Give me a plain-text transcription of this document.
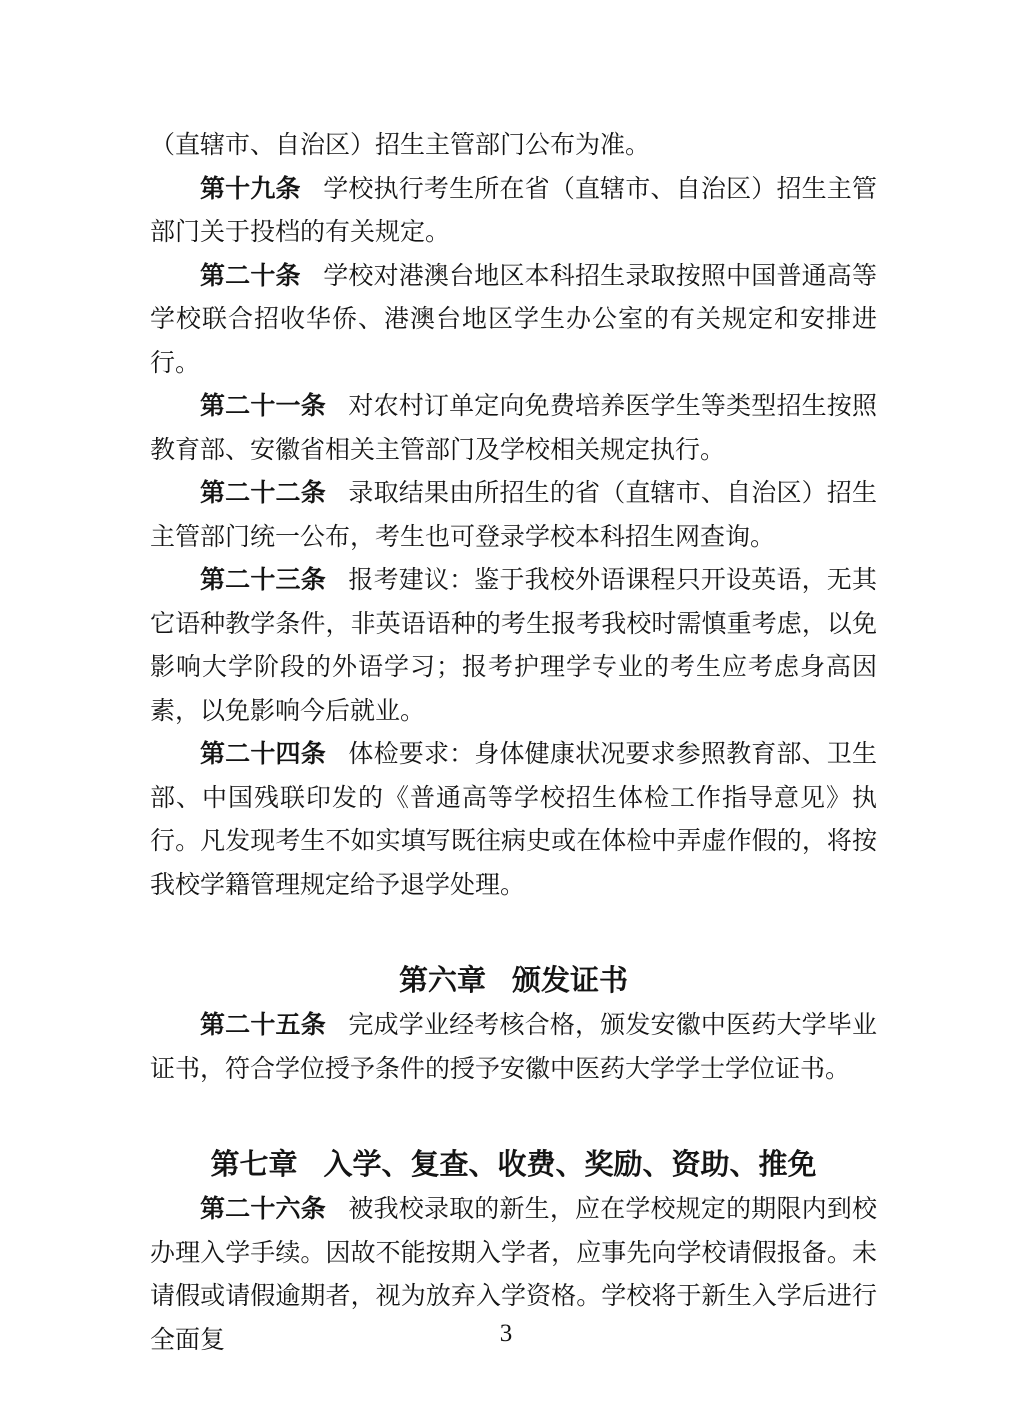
（直辖市、自治区）招生主管部门公布为准。

第十九条 学校执行考生所在省（直辖市、自治区）招生主管部门关于投档的有关规定。

第二十条 学校对港澳台地区本科招生录取按照中国普通高等学校联合招收华侨、港澳台地区学生办公室的有关规定和安排进行。

第二十一条 对农村订单定向免费培养医学生等类型招生按照教育部、安徽省相关主管部门及学校相关规定执行。

第二十二条 录取结果由所招生的省（直辖市、自治区）招生主管部门统一公布，考生也可登录学校本科招生网查询。

第二十三条 报考建议：鉴于我校外语课程只开设英语，无其它语种教学条件，非英语语种的考生报考我校时需慎重考虑，以免影响大学阶段的外语学习；报考护理学专业的考生应考虑身高因素，以免影响今后就业。

第二十四条 体检要求：身体健康状况要求参照教育部、卫生部、中国残联印发的《普通高等学校招生体检工作指导意见》执行。凡发现考生不如实填写既往病史或在体检中弄虚作假的，将按我校学籍管理规定给予退学处理。

第六章 颁发证书

第二十五条 完成学业经考核合格，颁发安徽中医药大学毕业证书，符合学位授予条件的授予安徽中医药大学学士学位证书。

第七章 入学、复查、收费、奖励、资助、推免

第二十六条 被我校录取的新生，应在学校规定的期限内到校办理入学手续。因故不能按期入学者，应事先向学校请假报备。未请假或请假逾期者，视为放弃入学资格。学校将于新生入学后进行全面复	3
